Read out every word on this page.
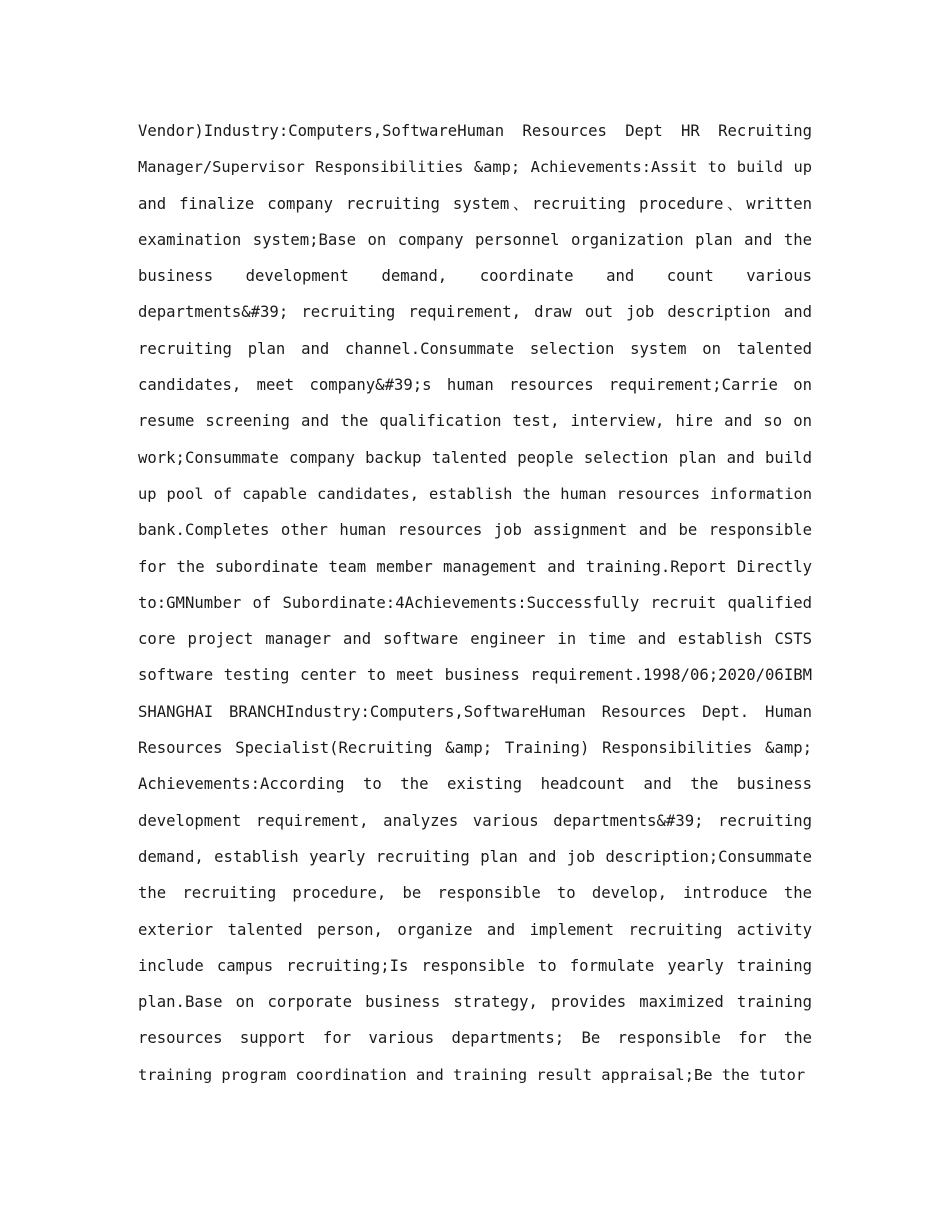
Vendor)Industry:Computers,SoftwareHuman Resources Dept HR Recruiting
Manager/Supervisor Responsibilities &amp; Achievements:Assit to build up
and finalize company recruiting system、recruiting procedure、written
examination system;Base on company personnel organization plan and the
business development demand, coordinate and count various
departments&#39; recruiting requirement, draw out job description and
recruiting plan and channel.Consummate selection system on talented
candidates, meet company&#39;s human resources requirement;Carrie on
resume screening and the qualification test, interview, hire and so on
work;Consummate company backup talented people selection plan and build
up pool of capable candidates, establish the human resources information
bank.Completes other human resources job assignment and be responsible
for the subordinate team member management and training.Report Directly
to:GMNumber of Subordinate:4Achievements:Successfully recruit qualified
core project manager and software engineer in time and establish CSTS
software testing center to meet business requirement.1998/06;2020/06IBM
SHANGHAI BRANCHIndustry:Computers,SoftwareHuman Resources Dept. Human
Resources Specialist(Recruiting &amp; Training) Responsibilities &amp;
Achievements:According to the existing headcount and the business
development requirement, analyzes various departments&#39; recruiting
demand, establish yearly recruiting plan and job description;Consummate
the recruiting procedure, be responsible to develop, introduce the
exterior talented person, organize and implement recruiting activity
include campus recruiting;Is responsible to formulate yearly training
plan.Base on corporate business strategy, provides maximized training
resources support for various departments; Be responsible for the
training program coordination and training result appraisal;Be the tutor
